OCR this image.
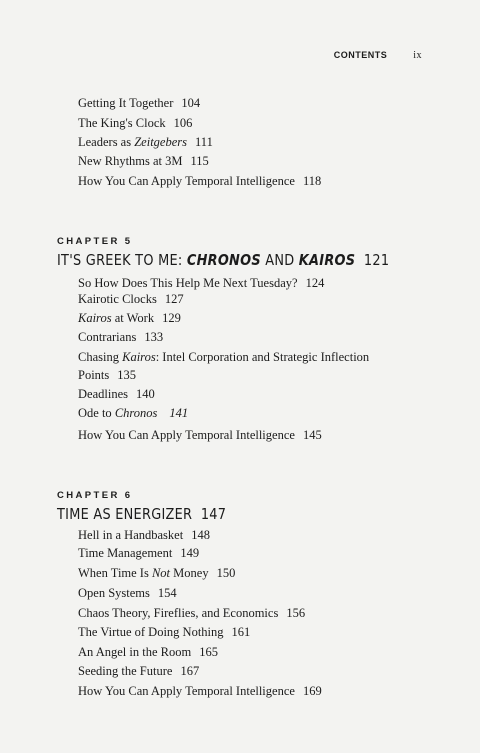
CONTENTS	ix
Getting It Together 104
The King's Clock 106
Leaders as Zeitgebers 111
New Rhythms at 3M 115
How You Can Apply Temporal Intelligence 118
CHAPTER 5
IT'S GREEK TO ME: CHRONOS AND KAIROS 121
So How Does This Help Me Next Tuesday? 124
Kairotic Clocks 127
Kairos at Work 129
Contrarians 133
Chasing Kairos: Intel Corporation and Strategic Inflection
Points 135
Deadlines 140
Ode to Chronos 141
How You Can Apply Temporal Intelligence 145
CHAPTER 6
TIME AS ENERGIZER 147
Hell in a Handbasket 148
Time Management 149
When Time Is Not Money 150
Open Systems 154
Chaos Theory, Fireflies, and Economics 156
The Virtue of Doing Nothing 161
An Angel in the Room 165
Seeding the Future 167
How You Can Apply Temporal Intelligence 169
